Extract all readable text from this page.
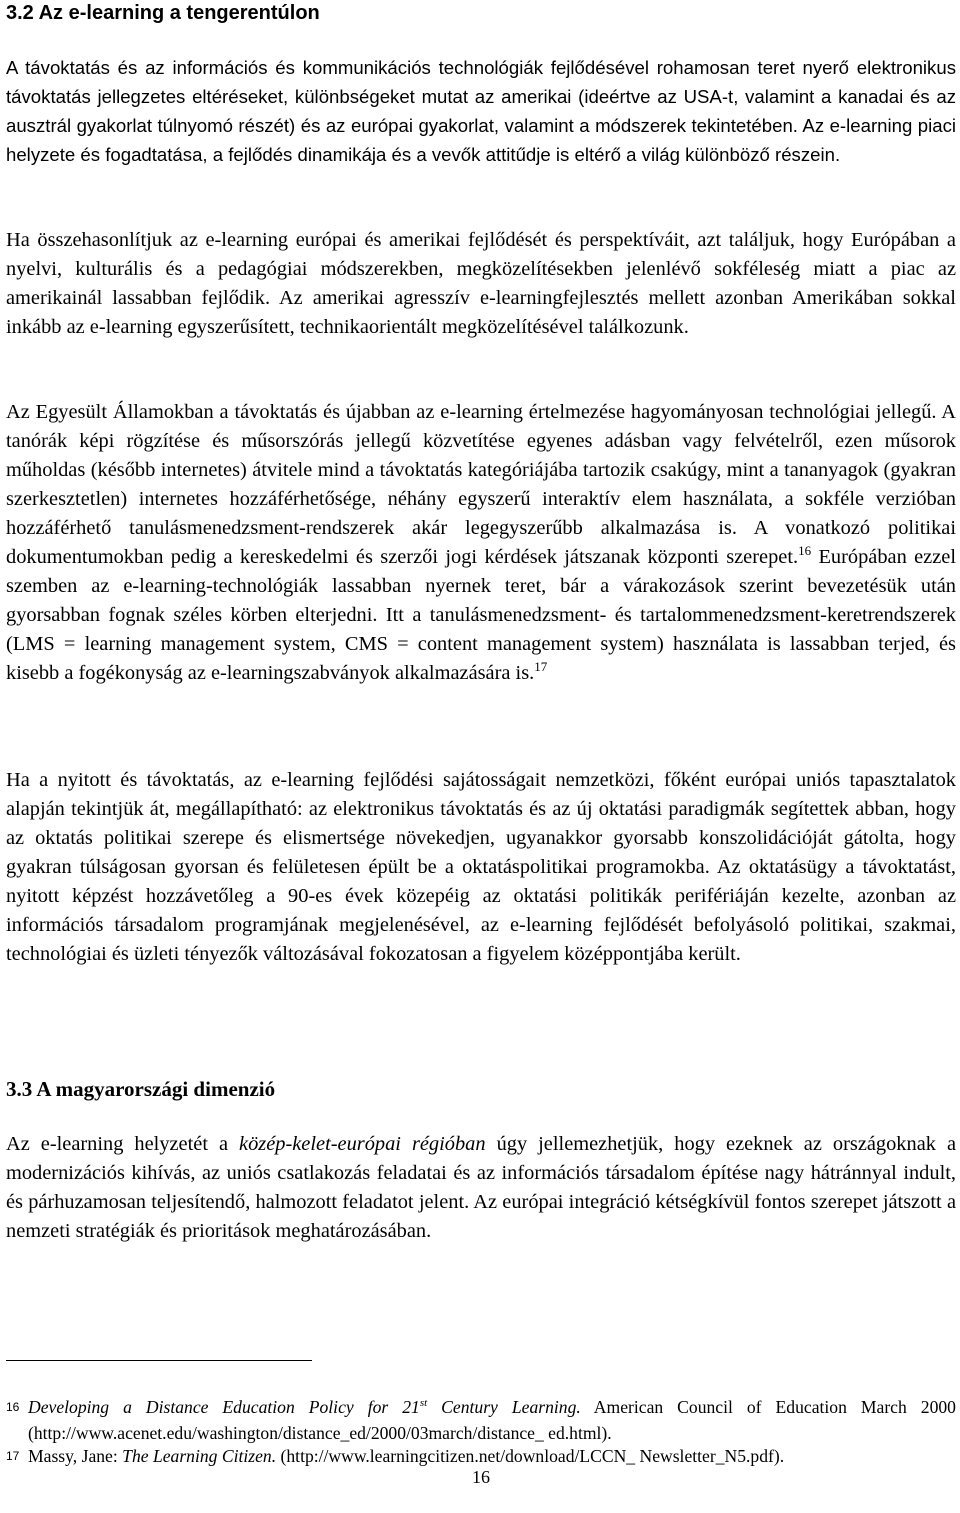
3.2 Az e-learning a tengerentúlon

A távoktatás és az információs és kommunikációs technológiák fejlődésével rohamosan teret nyerő elektronikus távoktatás jellegzetes eltéréseket, különbségeket mutat az amerikai (ideértve az USA-t, valamint a kanadai és az ausztrál gyakorlat túlnyomó részét) és az európai gyakorlat, valamint a módszerek tekintetében. Az e-learning piaci helyzete és fogadtatása, a fejlődés dinamikája és a vevők attitűdje is eltérő a világ különböző részein.

Ha összehasonlítjuk az e-learning európai és amerikai fejlődését és perspektíváit, azt találjuk, hogy Európában a nyelvi, kulturális és a pedagógiai módszerekben, megközelítésekben jelenlévő sokféleség miatt a piac az amerikainál lassabban fejlődik. Az amerikai agresszív e-learningfejlesztés mellett azonban Amerikában sokkal inkább az e-learning egyszerűsített, technikaorientált megközelítésével találkozunk.

Az Egyesült Államokban a távoktatás és újabban az e-learning értelmezése hagyományosan technológiai jellegű. A tanórák képi rögzítése és műsorszórás jellegű közvetítése egyenes adásban vagy felvételről, ezen műsorok műholdas (később internetes) átvitele mind a távoktatás kategóriájába tartozik csakúgy, mint a tananyagok (gyakran szerkesztetlen) internetes hozzáférhetősége, néhány egyszerű interaktív elem használata, a sokféle verzióban hozzáférhető tanulásmenedzsment-rendszerek akár legegyszerűbb alkalmazása is. A vonatkozó politikai dokumentumokban pedig a kereskedelmi és szerzői jogi kérdések játszanak központi szerepet.$^{16}$ Európában ezzel szemben az e-learning-technológiák lassabban nyernek teret, bár a várakozások szerint bevezetésük után gyorsabban fognak széles körben elterjedni. Itt a tanulásmenedzsment- és tartalommenedzsment-keretrendszerek (LMS = learning management system, CMS = content management system) használata is lassabban terjed, és kisebb a fogékonyság az e-learningszabványok alkalmazására is.$^{17}$

Ha a nyitott és távoktatás, az e-learning fejlődési sajátosságait nemzetközi, főként európai uniós tapasztalatok alapján tekintjük át, megállapítható: az elektronikus távoktatás és az új oktatási paradigmák segítettek abban, hogy az oktatás politikai szerepe és elismertsége növekedjen, ugyanakkor gyorsabb konszolidációját gátolta, hogy gyakran túlságosan gyorsan és felületesen épült be a oktatáspolitikai programokba. Az oktatásügy a távoktatást, nyitott képzést hozzávetőleg a 90-es évek közepéig az oktatási politikák perifériáján kezelte, azonban az információs társadalom programjának megjelenésével, az e-learning fejlődését befolyásoló politikai, szakmai, technológiai és üzleti tényezők változásával fokozatosan a figyelem középpontjába került.

3.3 A magyarországi dimenzió

Az e-learning helyzetét a közép-kelet-európai régióban úgy jellemezhetjük, hogy ezeknek az országoknak a modernizációs kihívás, az uniós csatlakozás feladatai és az információs társadalom építése nagy hátránnyal indult, és párhuzamosan teljesítendő, halmozott feladatot jelent. Az európai integráció kétségkívül fontos szerepet játszott a nemzeti stratégiák és prioritások meghatározásában.

16 Developing a Distance Education Policy for 21st Century Learning. American Council of Education March 2000 (http://www.acenet.edu/washington/distance_ed/2000/03march/distance_ ed.html).
17 Massy, Jane: The Learning Citizen. (http://www.learningcitizen.net/download/LCCN_ Newsletter_N5.pdf).
16
